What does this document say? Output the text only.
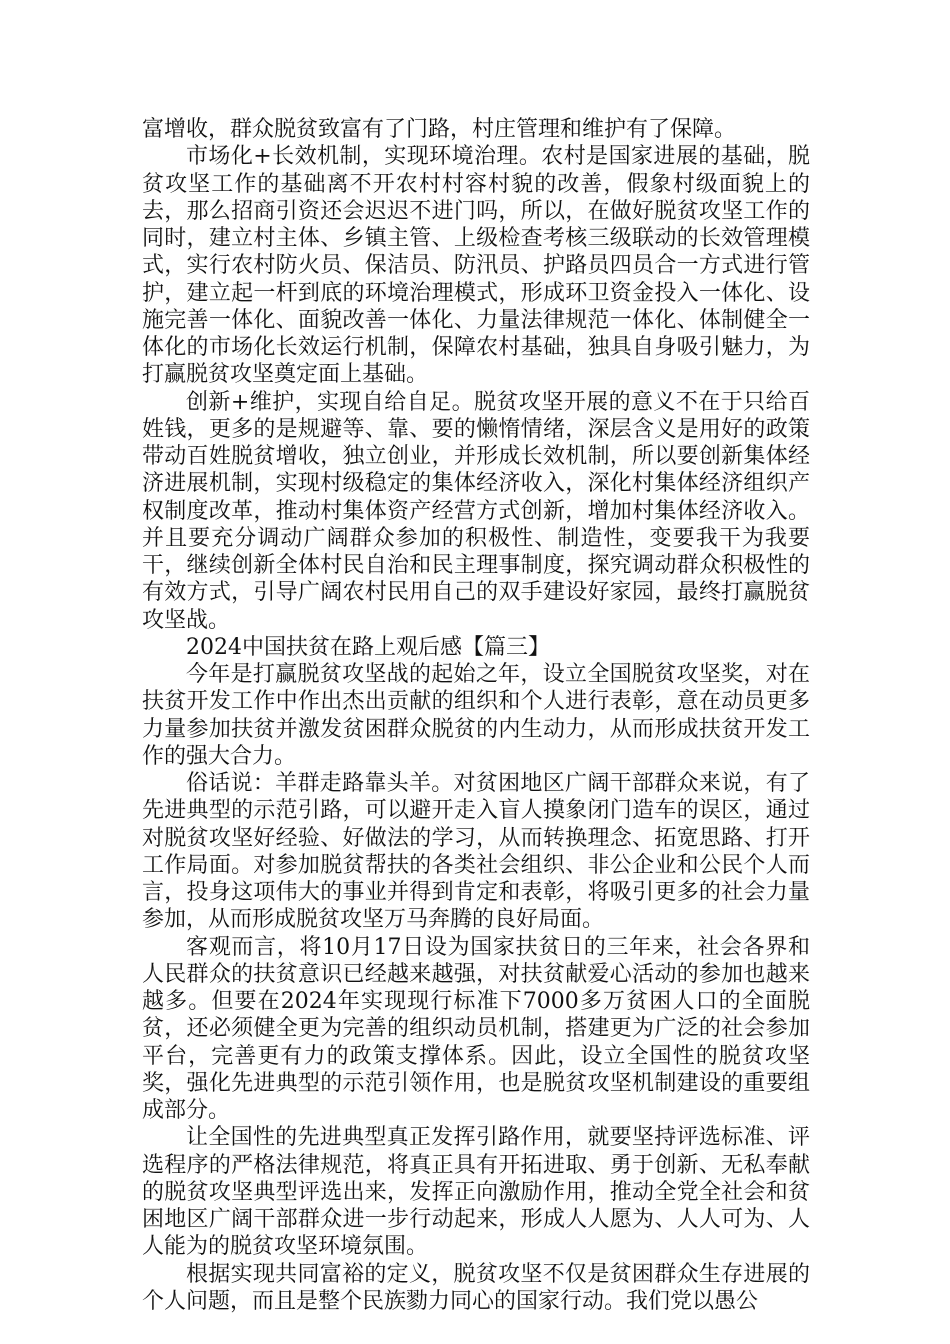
富增收，群众脱贫致富有了门路，村庄管理和维护有了保障。

市场化+长效机制，实现环境治理。农村是国家进展的基础，脱贫攻坚工作的基础离不开农村村容村貌的改善，假象村级面貌上的去，那么招商引资还会迟迟不进门吗，所以，在做好脱贫攻坚工作的同时，建立村主体、乡镇主管、上级检查考核三级联动的长效管理模式，实行农村防火员、保洁员、防汛员、护路员四员合一方式进行管护，建立起一杆到底的环境治理模式，形成环卫资金投入一体化、设施完善一体化、面貌改善一体化、力量法律规范一体化、体制健全一体化的市场化长效运行机制，保障农村基础，独具自身吸引魅力，为打赢脱贫攻坚奠定面上基础。

创新+维护，实现自给自足。脱贫攻坚开展的意义不在于只给百姓钱，更多的是规避等、靠、要的懒惰情绪，深层含义是用好的政策带动百姓脱贫增收，独立创业，并形成长效机制，所以要创新集体经济进展机制，实现村级稳定的集体经济收入，深化村集体经济组织产权制度改革，推动村集体资产经营方式创新，增加村集体经济收入。并且要充分调动广阔群众参加的积极性、制造性，变要我干为我要干，继续创新全体村民自治和民主理事制度，探究调动群众积极性的有效方式，引导广阔农村民用自己的双手建设好家园，最终打赢脱贫攻坚战。

2024中国扶贫在路上观后感【篇三】

今年是打赢脱贫攻坚战的起始之年，设立全国脱贫攻坚奖，对在扶贫开发工作中作出杰出贡献的组织和个人进行表彰，意在动员更多力量参加扶贫并激发贫困群众脱贫的内生动力，从而形成扶贫开发工作的强大合力。

俗话说：羊群走路靠头羊。对贫困地区广阔干部群众来说，有了先进典型的示范引路，可以避开走入盲人摸象闭门造车的误区，通过对脱贫攻坚好经验、好做法的学习，从而转换理念、拓宽思路、打开工作局面。对参加脱贫帮扶的各类社会组织、非公企业和公民个人而言，投身这项伟大的事业并得到肯定和表彰，将吸引更多的社会力量参加，从而形成脱贫攻坚万马奔腾的良好局面。

客观而言，将10月17日设为国家扶贫日的三年来，社会各界和人民群众的扶贫意识已经越来越强，对扶贫献爱心活动的参加也越来越多。但要在2024年实现现行标准下7000多万贫困人口的全面脱贫，还必须健全更为完善的组织动员机制，搭建更为广泛的社会参加平台，完善更有力的政策支撑体系。因此，设立全国性的脱贫攻坚奖，强化先进典型的示范引领作用，也是脱贫攻坚机制建设的重要组成部分。

让全国性的先进典型真正发挥引路作用，就要坚持评选标准、评选程序的严格法律规范，将真正具有开拓进取、勇于创新、无私奉献的脱贫攻坚典型评选出来，发挥正向激励作用，推动全党全社会和贫困地区广阔干部群众进一步行动起来，形成人人愿为、人人可为、人人能为的脱贫攻坚环境氛围。

根据实现共同富裕的定义，脱贫攻坚不仅是贫困群众生存进展的个人问题，而且是整个民族勠力同心的国家行动。我们党以愚公
